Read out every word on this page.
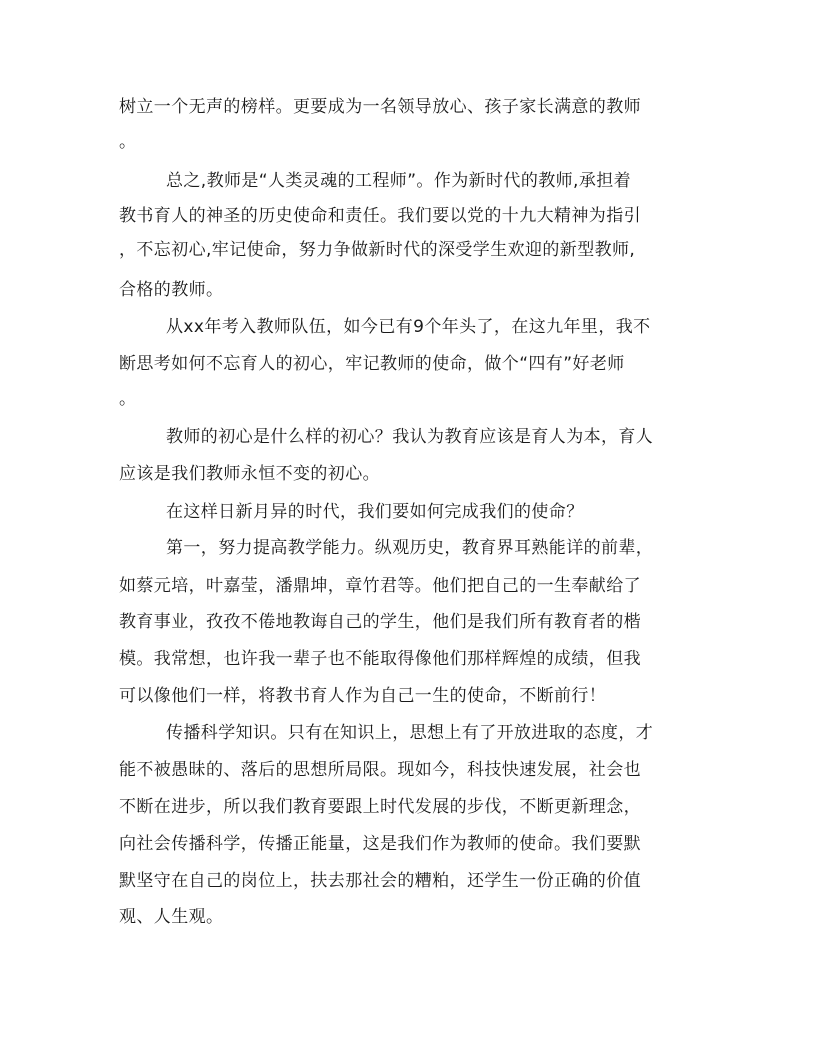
树立一个无声的榜样。更要成为一名领导放心、孩子家长满意的教师
。
总之,教师是“人类灵魂的工程师”。作为新时代的教师,承担着
教书育人的神圣的历史使命和责任。我们要以党的十九大精神为指引
，不忘初心,牢记使命，努力争做新时代的深受学生欢迎的新型教师,
合格的教师。
从xx年考入教师队伍，如今已有9个年头了，在这九年里，我不
断思考如何不忘育人的初心，牢记教师的使命，做个“四有”好老师
。
教师的初心是什么样的初心？我认为教育应该是育人为本，育人
应该是我们教师永恒不变的初心。
在这样日新月异的时代，我们要如何完成我们的使命？
第一，努力提高教学能力。纵观历史，教育界耳熟能详的前辈，
如蔡元培，叶嘉莹，潘鼎坤，章竹君等。他们把自己的一生奉献给了
教育事业，孜孜不倦地教诲自己的学生，他们是我们所有教育者的楷
模。我常想，也许我一辈子也不能取得像他们那样辉煌的成绩，但我
可以像他们一样，将教书育人作为自己一生的使命，不断前行！
传播科学知识。只有在知识上，思想上有了开放进取的态度，才
能不被愚昧的、落后的思想所局限。现如今，科技快速发展，社会也
不断在进步，所以我们教育要跟上时代发展的步伐，不断更新理念，
向社会传播科学，传播正能量，这是我们作为教师的使命。我们要默
默坚守在自己的岗位上，扶去那社会的糟粕，还学生一份正确的价值
观、人生观。
